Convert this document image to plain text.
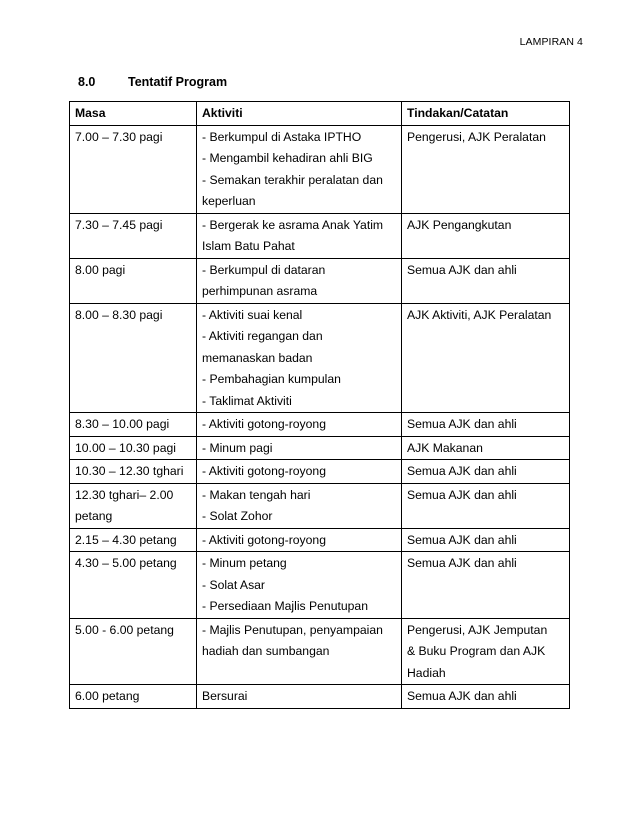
LAMPIRAN 4
8.0	Tentatif Program
Masa	Aktiviti	Tindakan/Catatan

7.00 – 7.30 pagi	- Berkumpul di Astaka IPTHO
- Mengambil kehadiran ahli BIG
- Semakan terakhir peralatan dan
keperluan	Pengerusi, AJK Peralatan

7.30 – 7.45 pagi	- Bergerak ke asrama Anak Yatim
Islam Batu Pahat	AJK Pengangkutan

8.00 pagi	- Berkumpul di dataran
perhimpunan asrama	Semua AJK dan ahli

8.00 – 8.30 pagi	- Aktiviti suai kenal
- Aktiviti regangan dan
memanaskan badan
- Pembahagian kumpulan
- Taklimat Aktiviti	AJK Aktiviti, AJK Peralatan

8.30 – 10.00 pagi	- Aktiviti gotong-royong	Semua AJK dan ahli

10.00 – 10.30 pagi	- Minum pagi	AJK Makanan

10.30 – 12.30 tghari	- Aktiviti gotong-royong	Semua AJK dan ahli

12.30 tghari– 2.00
petang	- Makan tengah hari
- Solat Zohor	Semua AJK dan ahli

2.15 – 4.30 petang	- Aktiviti gotong-royong	Semua AJK dan ahli

4.30 – 5.00 petang	- Minum petang
- Solat Asar
- Persediaan Majlis Penutupan	Semua AJK dan ahli

5.00 - 6.00 petang	- Majlis Penutupan, penyampaian
hadiah dan sumbangan	Pengerusi, AJK Jemputan
& Buku Program dan AJK
Hadiah

6.00 petang	Bersurai	Semua AJK dan ahli
